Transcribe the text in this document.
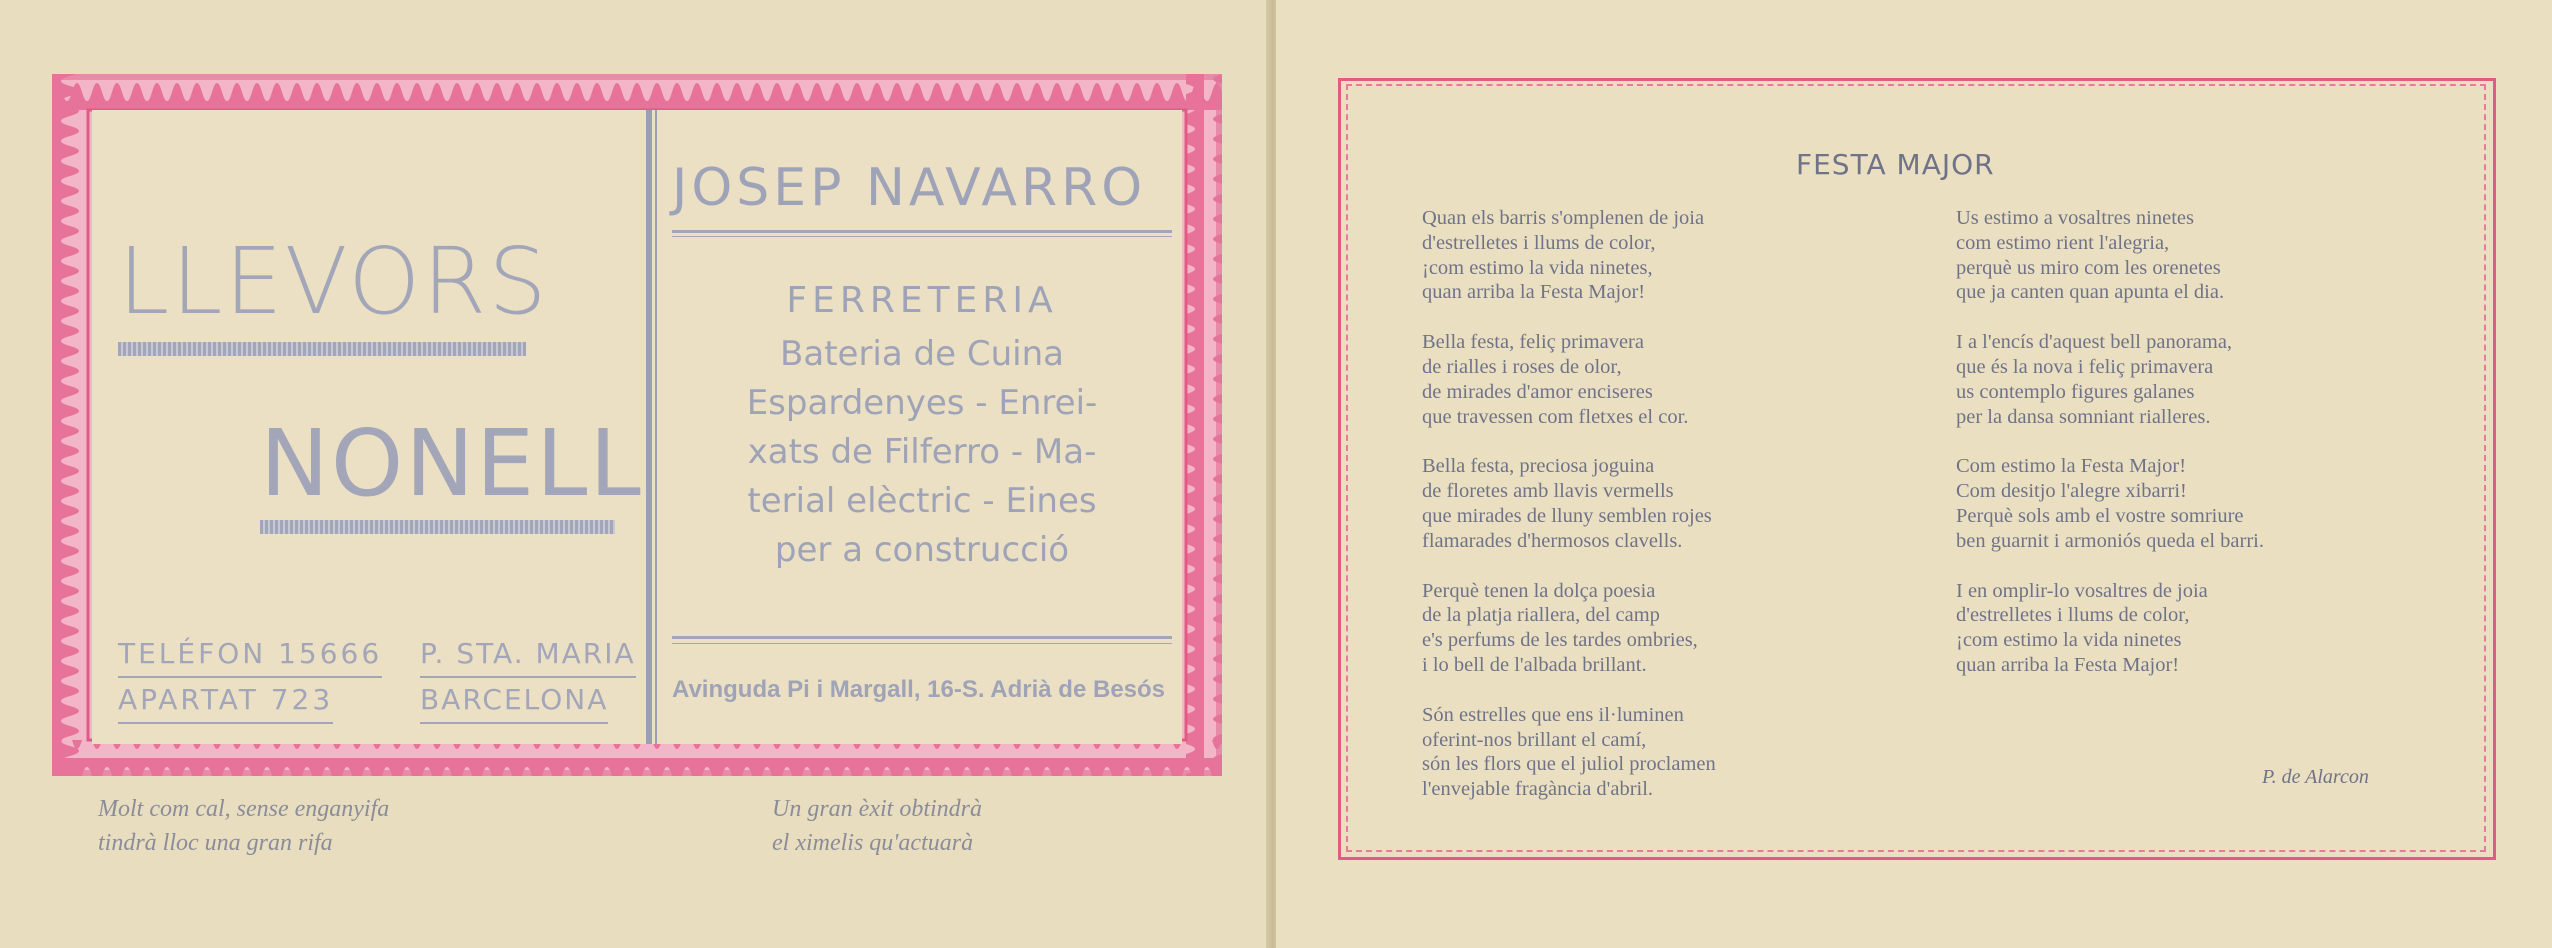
LLEVORS
NONELL
TELÉFON 15666
APARTAT 723
P. STA. MARIA
BARCELONA
JOSEP NAVARRO
FERRETERIA
Bateria de Cuina
Espardenyes - Enrei-
xats de Filferro - Ma-
terial elèctric - Eines
per a construcció
Avinguda Pi i Margall, 16-S. Adrià de Besós
Molt com cal, sense enganyifa
tindrà lloc una gran rifa
Un gran èxit obtindrà
el ximelis qu'actuarà
FESTA MAJOR
Quan els barris s'omplenen de joia
d'estrelletes i llums de color,
¡com estimo la vida ninetes,
quan arriba la Festa Major!
Bella festa, feliç primavera
de rialles i roses de olor,
de mirades d'amor enciseres
que travessen com fletxes el cor.
Bella festa, preciosa joguina
de floretes amb llavis vermells
que mirades de lluny semblen rojes
flamarades d'hermosos clavells.
Perquè tenen la dolça poesia
de la platja riallera, del camp
e's perfums de les tardes ombries,
i lo bell de l'albada brillant.
Són estrelles que ens il·luminen
oferint-nos brillant el camí,
són les flors que el juliol proclamen
l'envejable fragància d'abril.
Us estimo a vosaltres ninetes
com estimo rient l'alegria,
perquè us miro com les orenetes
que ja canten quan apunta el dia.
I a l'encís d'aquest bell panorama,
que és la nova i feliç primavera
us contemplo figures galanes
per la dansa somniant rialleres.
Com estimo la Festa Major!
Com desitjo l'alegre xibarri!
Perquè sols amb el vostre somriure
ben guarnit i armoniós queda el barri.
I en omplir-lo vosaltres de joia
d'estrelletes i llums de color,
¡com estimo la vida ninetes
quan arriba la Festa Major!
P. de Alarcon
